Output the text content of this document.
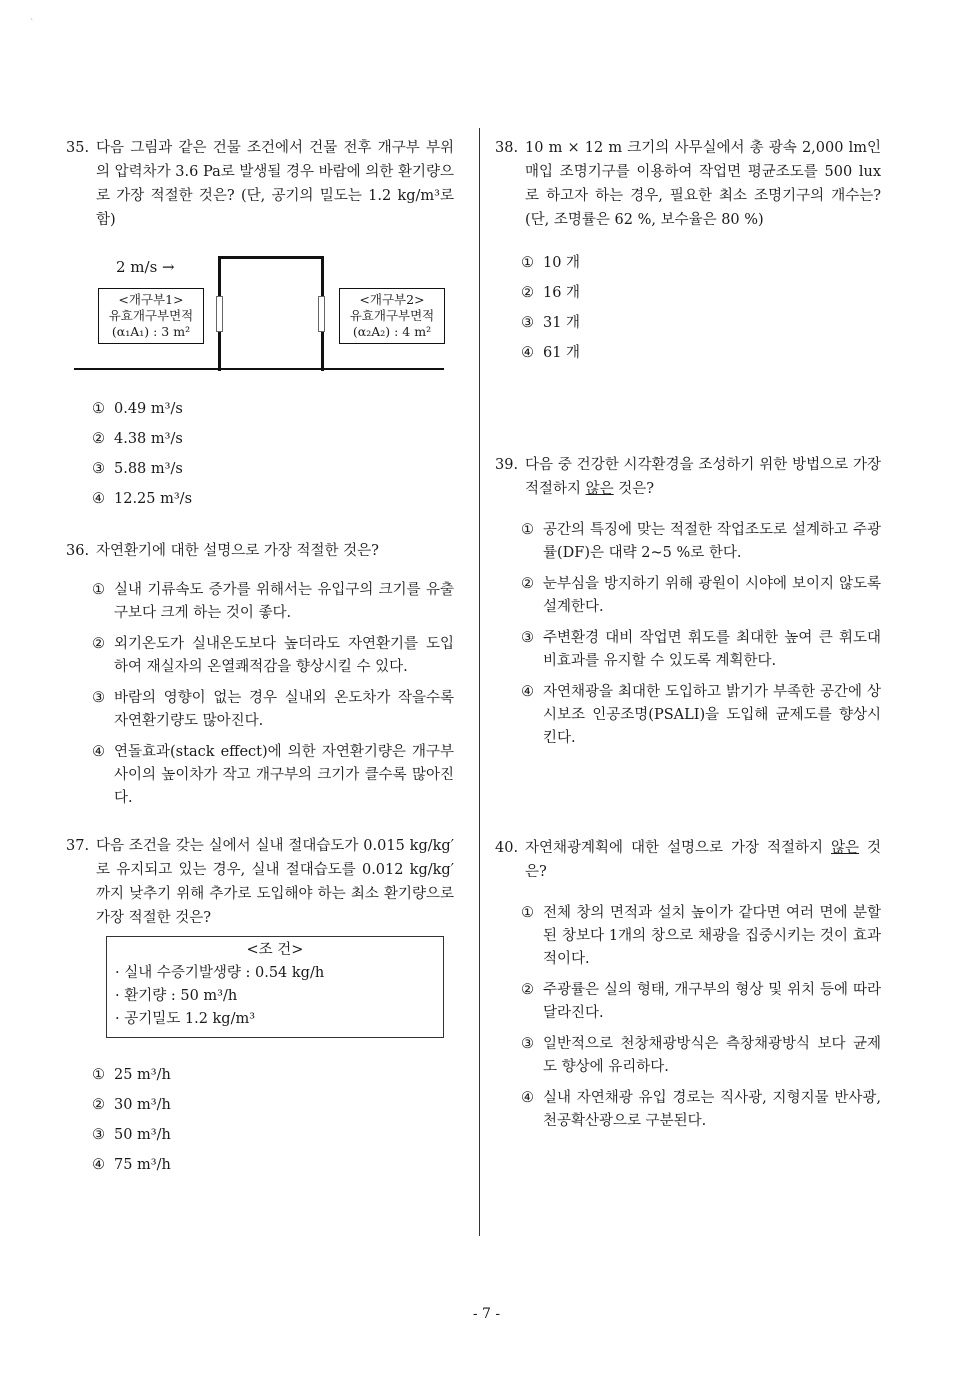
`
35. 다음 그림과 같은 건물 조건에서 건물 전후 개구부 부위의 압력차가 3.6 Pa로 발생될 경우 바람에 의한 환기량으로 가장 적절한 것은? (단, 공기의 밀도는 1.2 kg/m³로 함)
2 m/s →
<개구부1>
유효개구부면적
(α₁A₁) : 3 m²
<개구부2>
유효개구부면적
(α₂A₂) : 4 m²
① 0.49 m³/s
② 4.38 m³/s
③ 5.88 m³/s
④ 12.25 m³/s
36. 자연환기에 대한 설명으로 가장 적절한 것은?
① 실내 기류속도 증가를 위해서는 유입구의 크기를 유출구보다 크게 하는 것이 좋다.
② 외기온도가 실내온도보다 높더라도 자연환기를 도입하여 재실자의 온열쾌적감을 향상시킬 수 있다.
③ 바람의 영향이 없는 경우 실내외 온도차가 작을수록 자연환기량도 많아진다.
④ 연돌효과(stack effect)에 의한 자연환기량은 개구부 사이의 높이차가 작고 개구부의 크기가 클수록 많아진다.
37. 다음 조건을 갖는 실에서 실내 절대습도가 0.015 kg/kg′로 유지되고 있는 경우, 실내 절대습도를 0.012 kg/kg′까지 낮추기 위해 추가로 도입해야 하는 최소 환기량으로 가장 적절한 것은?
<조 건>
· 실내 수증기발생량 : 0.54 kg/h
· 환기량 : 50 m³/h
· 공기밀도 1.2 kg/m³
① 25 m³/h
② 30 m³/h
③ 50 m³/h
④ 75 m³/h
38. 10 m × 12 m 크기의 사무실에서 총 광속 2,000 lm인 매입 조명기구를 이용하여 작업면 평균조도를 500 lux로 하고자 하는 경우, 필요한 최소 조명기구의 개수는? (단, 조명률은 62 %, 보수율은 80 %)
① 10 개
② 16 개
③ 31 개
④ 61 개
39. 다음 중 건강한 시각환경을 조성하기 위한 방법으로 가장 적절하지 않은 것은?
① 공간의 특징에 맞는 적절한 작업조도로 설계하고 주광률(DF)은 대략 2~5 %로 한다.
② 눈부심을 방지하기 위해 광원이 시야에 보이지 않도록 설계한다.
③ 주변환경 대비 작업면 휘도를 최대한 높여 큰 휘도대비효과를 유지할 수 있도록 계획한다.
④ 자연채광을 최대한 도입하고 밝기가 부족한 공간에 상시보조 인공조명(PSALI)을 도입해 균제도를 향상시킨다.
40. 자연채광계획에 대한 설명으로 가장 적절하지 않은 것은?
① 전체 창의 면적과 설치 높이가 같다면 여러 면에 분할된 창보다 1개의 창으로 채광을 집중시키는 것이 효과적이다.
② 주광률은 실의 형태, 개구부의 형상 및 위치 등에 따라 달라진다.
③ 일반적으로 천창채광방식은 측창채광방식 보다 균제도 향상에 유리하다.
④ 실내 자연채광 유입 경로는 직사광, 지형지물 반사광, 천공확산광으로 구분된다.
- 7 -
